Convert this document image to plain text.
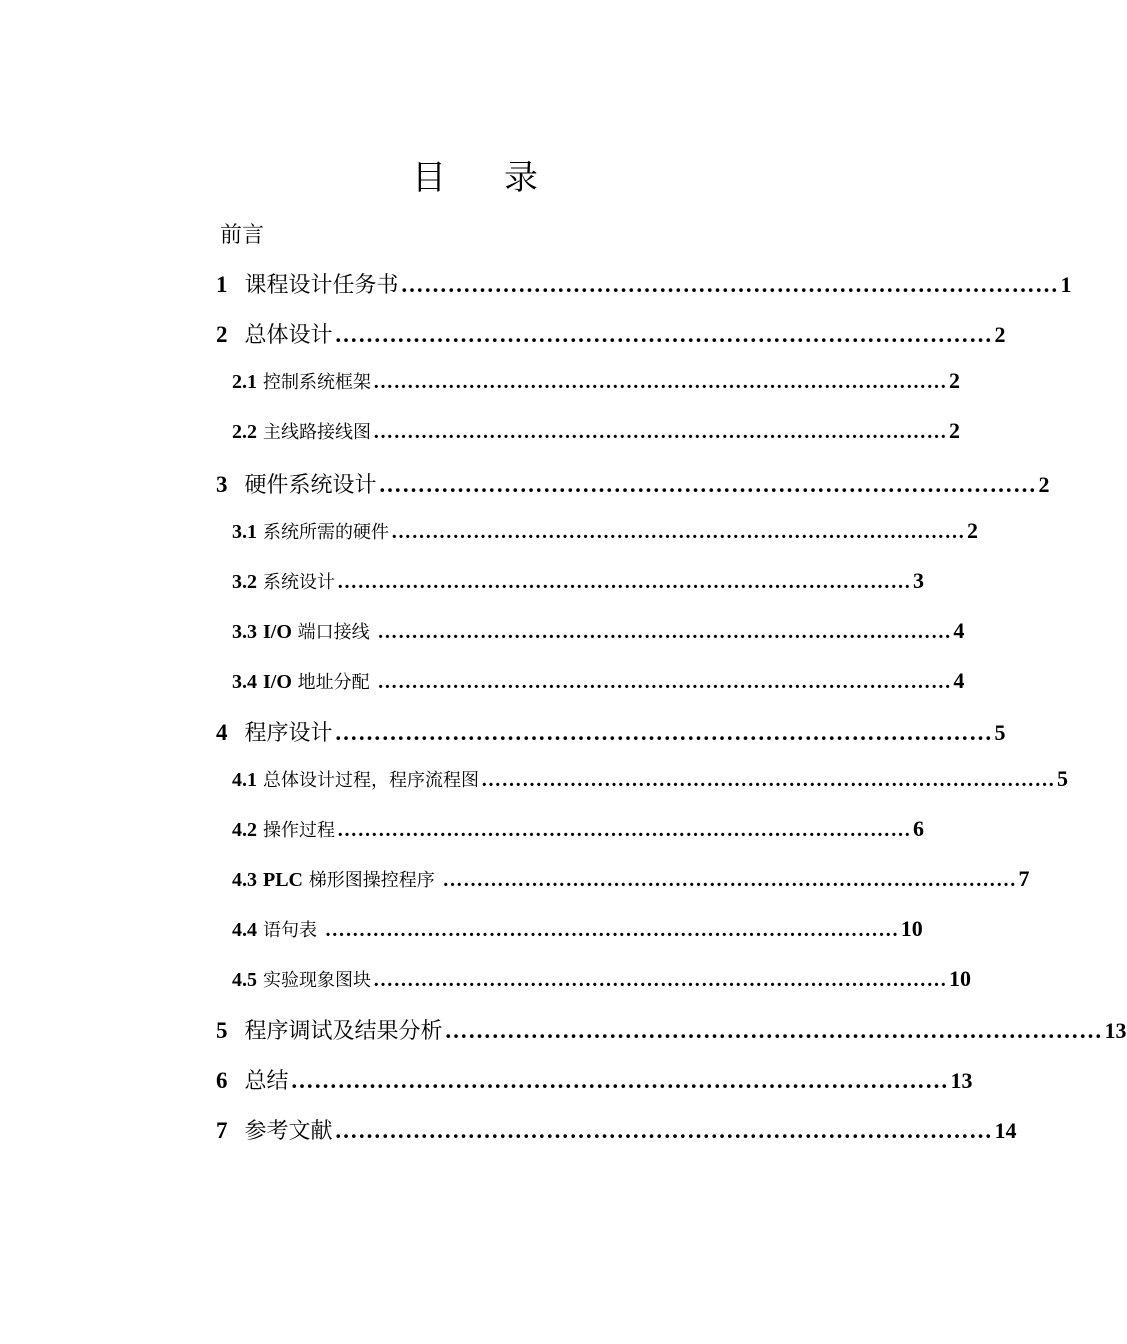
目 录
前言
1 课程设计任务书 ………………………………………………………………………… 1
2 总体设计 ………………………………………………………………………… 2
2.1 控制系统框架 ………………………………………………………………………… 2
2.2 主线路接线图 ………………………………………………………………………… 2
3 硬件系统设计 ………………………………………………………………………… 2
3.1 系统所需的硬件 ………………………………………………………………………… 2
3.2 系统设计 ………………………………………………………………………… 3
3.3 I/O 端口接线 ………………………………………………………………………… 4
3.4 I/O 地址分配 ………………………………………………………………………… 4
4 程序设计 ………………………………………………………………………… 5
4.1 总体设计过程，程序流程图 ………………………………………………………………………… 5
4.2 操作过程 ………………………………………………………………………… 6
4.3 PLC 梯形图操控程序 ………………………………………………………………………… 7
4.4 语句表 ………………………………………………………………………… 10
4.5 实验现象图块 ………………………………………………………………………… 10
5 程序调试及结果分析 ………………………………………………………………………… 13
6 总结 ………………………………………………………………………… 13
7 参考文献 ………………………………………………………………………… 14
